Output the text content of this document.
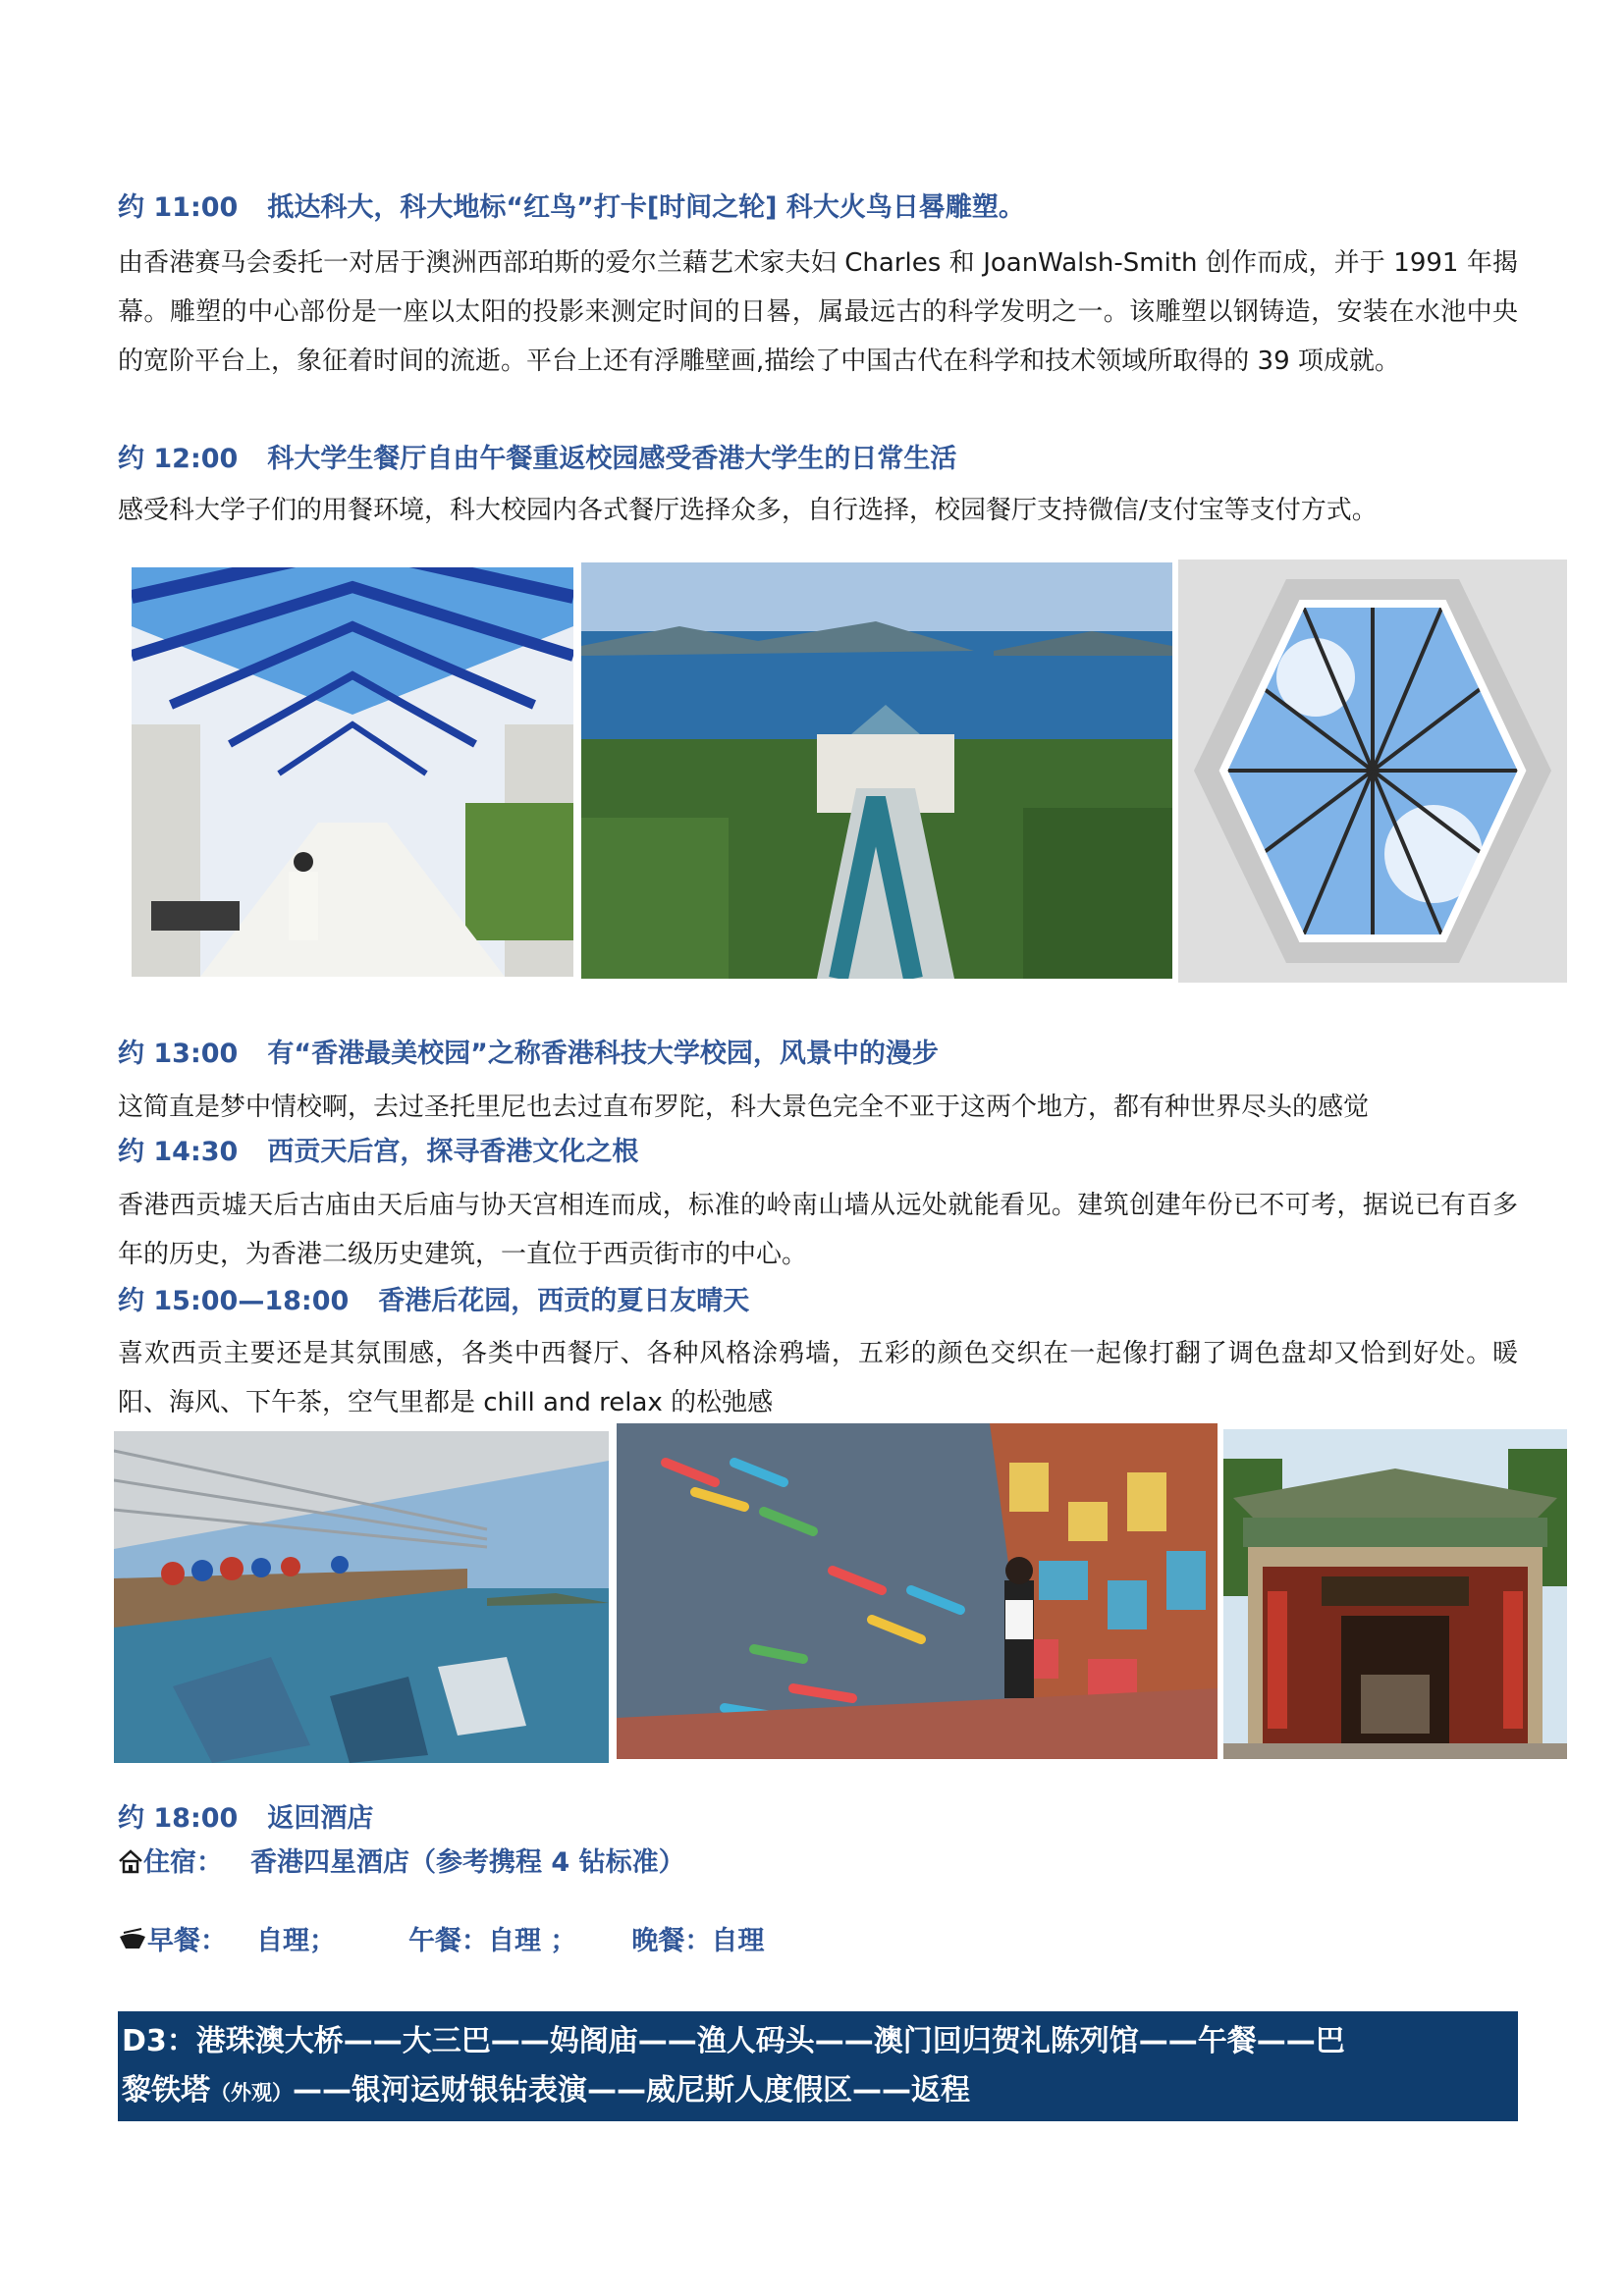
约 11:00 抵达科大，科大地标“红鸟”打卡[时间之轮] 科大火鸟日晷雕塑。
由香港赛马会委托一对居于澳洲西部珀斯的爱尔兰藉艺术家夫妇 Charles 和 JoanWalsh-Smith 创作而成，并于 1991 年揭幕。雕塑的中心部份是一座以太阳的投影来测定时间的日晷，属最远古的科学发明之一。该雕塑以钢铸造，安装在水池中央的宽阶平台上，象征着时间的流逝。平台上还有浮雕壁画,描绘了中国古代在科学和技术领域所取得的 39 项成就。
约 12:00 科大学生餐厅自由午餐重返校园感受香港大学生的日常生活
感受科大学子们的用餐环境，科大校园内各式餐厅选择众多，自行选择，校园餐厅支持微信/支付宝等支付方式。
约 13:00 有“香港最美校园”之称香港科技大学校园，风景中的漫步
这简直是梦中情校啊，去过圣托里尼也去过直布罗陀，科大景色完全不亚于这两个地方，都有种世界尽头的感觉
约 14:30 西贡天后宫，探寻香港文化之根
香港西贡墟天后古庙由天后庙与协天宫相连而成，标准的岭南山墙从远处就能看见。建筑创建年份已不可考，据说已有百多年的历史，为香港二级历史建筑，一直位于西贡街市的中心。
约 15:00—18:00 香港后花园，西贡的夏日友晴天
喜欢西贡主要还是其氛围感，各类中西餐厅、各种风格涂鸦墙，五彩的颜色交织在一起像打翻了调色盘却又恰到好处。暖阳、海风、下午茶，空气里都是 chill and relax 的松弛感
约 18:00 返回酒店
住宿： 香港四星酒店（参考携程 4 钻标准）
早餐： 自理；	午餐：自理 ； 晚餐：自理
D3：港珠澳大桥——大三巴——妈阁庙——渔人码头——澳门回归贺礼陈列馆——午餐——巴
黎铁塔（外观）——银河运财银钻表演——威尼斯人度假区——返程
